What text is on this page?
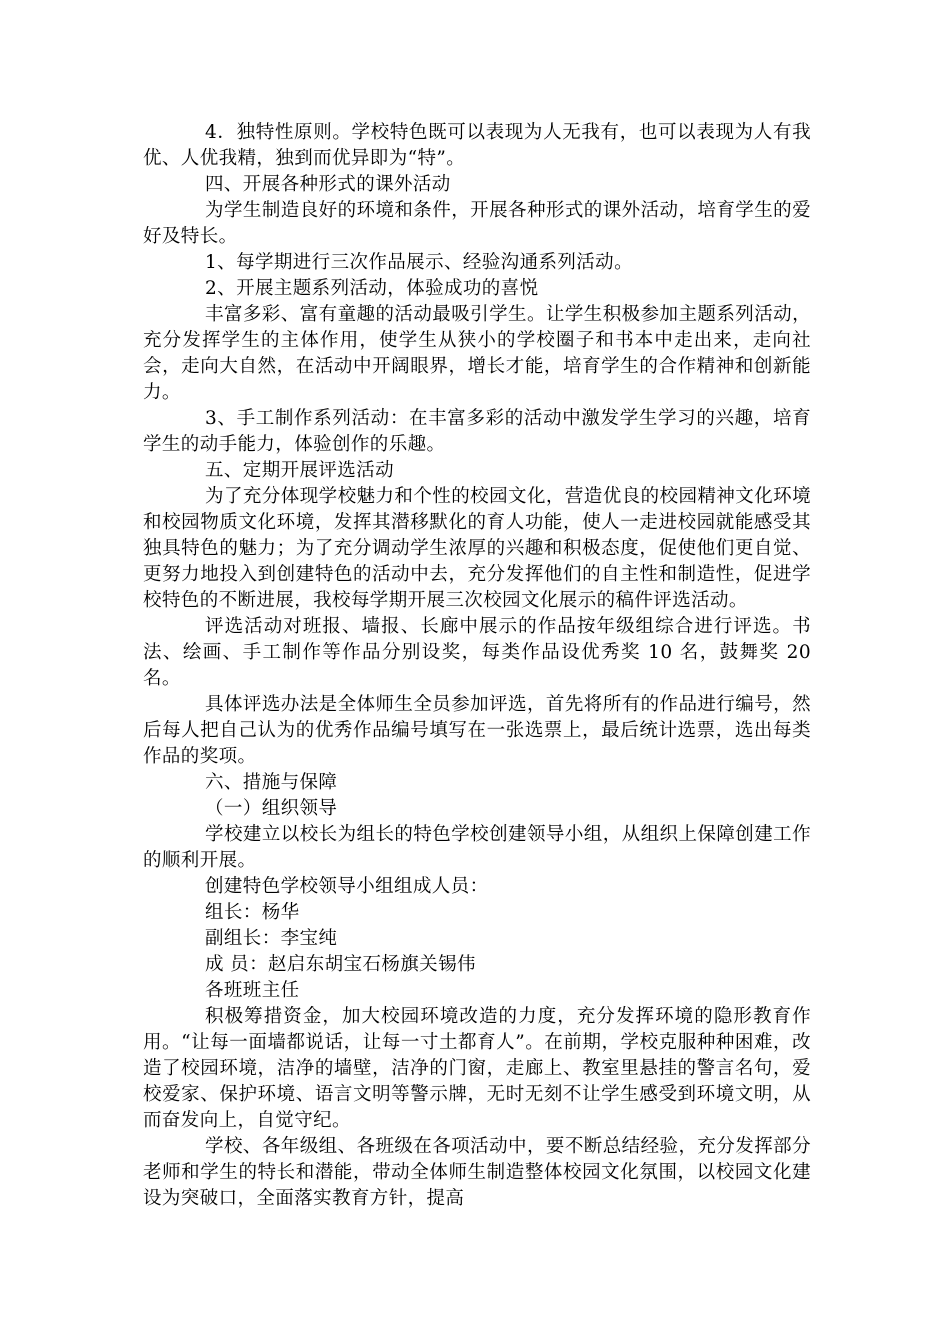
4．独特性原则。学校特色既可以表现为人无我有，也可以表现为人有我优、人优我精，独到而优异即为“特”。

四、开展各种形式的课外活动

为学生制造良好的环境和条件，开展各种形式的课外活动，培育学生的爱好及特长。

1、每学期进行三次作品展示、经验沟通系列活动。

2、开展主题系列活动，体验成功的喜悦

丰富多彩、富有童趣的活动最吸引学生。让学生积极参加主题系列活动，充分发挥学生的主体作用，使学生从狭小的学校圈子和书本中走出来，走向社会，走向大自然，在活动中开阔眼界，增长才能，培育学生的合作精神和创新能力。

3、手工制作系列活动：在丰富多彩的活动中激发学生学习的兴趣，培育学生的动手能力，体验创作的乐趣。

五、定期开展评选活动

为了充分体现学校魅力和个性的校园文化，营造优良的校园精神文化环境和校园物质文化环境，发挥其潜移默化的育人功能，使人一走进校园就能感受其独具特色的魅力；为了充分调动学生浓厚的兴趣和积极态度，促使他们更自觉、更努力地投入到创建特色的活动中去，充分发挥他们的自主性和制造性，促进学校特色的不断进展，我校每学期开展三次校园文化展示的稿件评选活动。

评选活动对班报、墙报、长廊中展示的作品按年级组综合进行评选。书法、绘画、手工制作等作品分别设奖，每类作品设优秀奖 10 名，鼓舞奖 20 名。

具体评选办法是全体师生全员参加评选，首先将所有的作品进行编号，然后每人把自己认为的优秀作品编号填写在一张选票上，最后统计选票，选出每类作品的奖项。

六、措施与保障

（一）组织领导

学校建立以校长为组长的特色学校创建领导小组，从组织上保障创建工作的顺利开展。

创建特色学校领导小组组成人员：

组长：杨华

副组长：李宝纯

成 员：赵启东胡宝石杨旗关锡伟

各班班主任

积极筹措资金，加大校园环境改造的力度，充分发挥环境的隐形教育作用。“让每一面墙都说话，让每一寸土都育人”。在前期，学校克服种种困难，改造了校园环境，洁净的墙壁，洁净的门窗，走廊上、教室里悬挂的警言名句，爱校爱家、保护环境、语言文明等警示牌，无时无刻不让学生感受到环境文明，从而奋发向上，自觉守纪。

学校、各年级组、各班级在各项活动中，要不断总结经验，充分发挥部分老师和学生的特长和潜能，带动全体师生制造整体校园文化氛围，以校园文化建设为突破口，全面落实教育方针，提高
